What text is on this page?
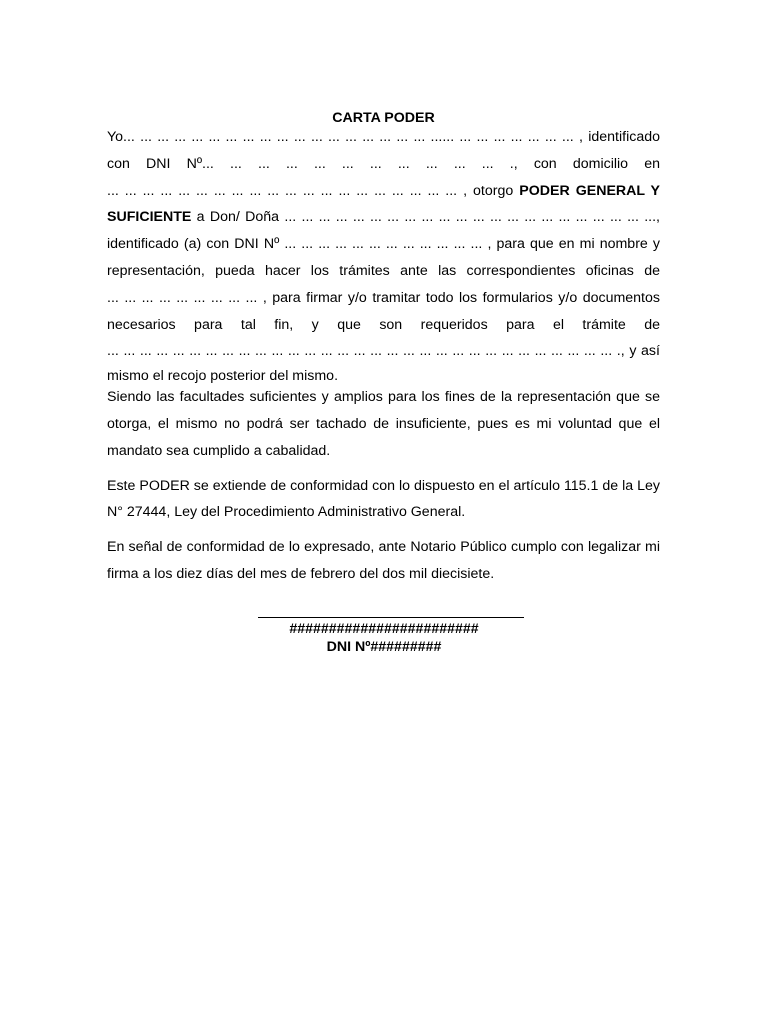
CARTA PODER

Yo... ... ... ... ... ... ... ... ... ... ... ... ... ... ... ... ... ... ...... ... ... ... ... ... ... ... , identificado
con DNI Nº... ... ... ... ... ... ... ... ... ... ... ., con domicilio en
... ... ... ... ... ... ... ... ... ... ... ... ... ... ... ... ... ... ... ... , otorgo PODER GENERAL Y
SUFICIENTE a Don/ Doña ... ... ... ... ... ... ... ... ... ... ... ... ... ... ... ... ... ... ... ... ... ...,
identificado (a) con DNI Nº ... ... ... ... ... ... ... ... ... ... ... ... , para que en mi nombre y
representación, pueda hacer los trámites ante las correspondientes oficinas de
... ... ... ... ... ... ... ... ... , para firmar y/o tramitar todo los formularios y/o documentos
necesarios para tal fin, y que son requeridos para el trámite de
... ... ... ... ... ... ... ... ... ... ... ... ... ... ... ... ... ... ... ... ... ... ... ... ... ... ... ... ... ... ... ., y así
mismo el recojo posterior del mismo.

Siendo las facultades suficientes y amplios para los fines de la representación que se otorga, el mismo no podrá ser tachado de insuficiente, pues es mi voluntad que el mandato sea cumplido a cabalidad.

Este PODER se extiende de conformidad con lo dispuesto en el artículo 115.1 de la Ley N° 27444, Ley del Procedimiento Administrativo General.

En señal de conformidad de lo expresado, ante Notario Público cumplo con legalizar mi firma a los diez días del mes de febrero del dos mil diecisiete.

########################
DNI Nº#########
